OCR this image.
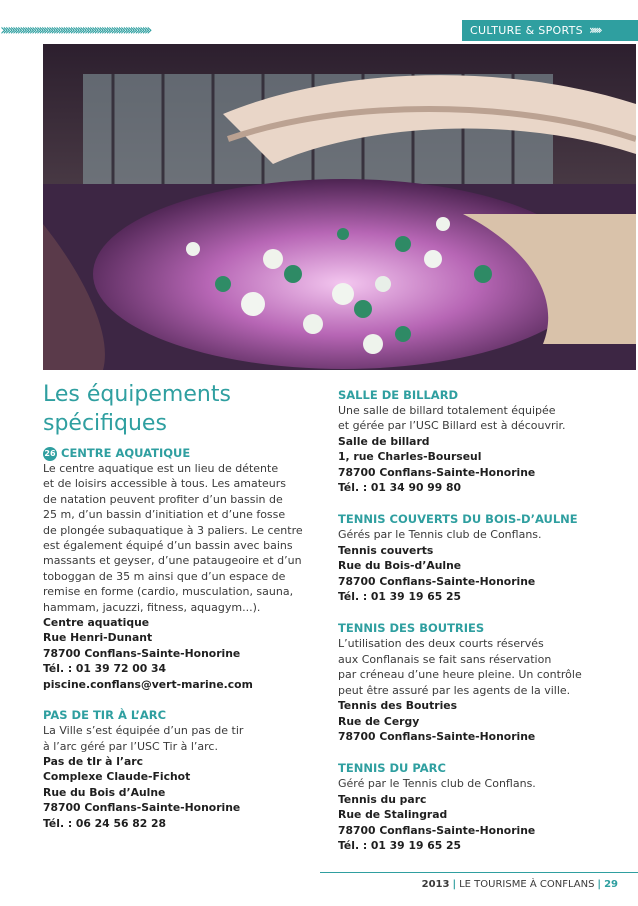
››››››››››››››››››››››››››››››››››››››››››››››››››››››››››››››	CULTURE & SPORTS ››››››
Les équipements
spécifiques

26 CENTRE AQUATIQUE

Le centre aquatique est un lieu de détente
et de loisirs accessible à tous. Les amateurs
de natation peuvent profiter d’un bassin de
25 m, d’un bassin d’initiation et d’une fosse
de plongée subaquatique à 3 paliers. Le centre
est également équipé d’un bassin avec bains
massants et geyser, d’une pataugeoire et d’un
toboggan de 35 m ainsi que d’un espace de
remise en forme (cardio, musculation, sauna,
hammam, jacuzzi, fitness, aquagym...).

Centre aquatique
Rue Henri-Dunant
78700 Conflans-Sainte-Honorine
Tél. : 01 39 72 00 34
piscine.conflans@vert-marine.com

PAS DE TIR À L’ARC

La Ville s’est équipée d’un pas de tir
à l’arc géré par l’USC Tir à l’arc.

Pas de tIr à l’arc
Complexe Claude-Fichot
Rue du Bois d’Aulne
78700 Conflans-Sainte-Honorine
Tél. : 06 24 56 82 28

SALLE DE BILLARD

Une salle de billard totalement équipée
et gérée par l’USC Billard est à découvrir.

Salle de billard
1, rue Charles-Bourseul
78700 Conflans-Sainte-Honorine
Tél. : 01 34 90 99 80

TENNIS COUVERTS DU BOIS-D’AULNE

Gérés par le Tennis club de Conflans.

Tennis couverts
Rue du Bois-d’Aulne
78700 Conflans-Sainte-Honorine
Tél. : 01 39 19 65 25

TENNIS DES BOUTRIES

L’utilisation des deux courts réservés
aux Conflanais se fait sans réservation
par créneau d’une heure pleine. Un contrôle
peut être assuré par les agents de la ville.

Tennis des Boutries
Rue de Cergy
78700 Conflans-Sainte-Honorine

TENNIS DU PARC

Géré par le Tennis club de Conflans.

Tennis du parc
Rue de Stalingrad
78700 Conflans-Sainte-Honorine
Tél. : 01 39 19 65 25

2013 | LE TOURISME À CONFLANS | 29
